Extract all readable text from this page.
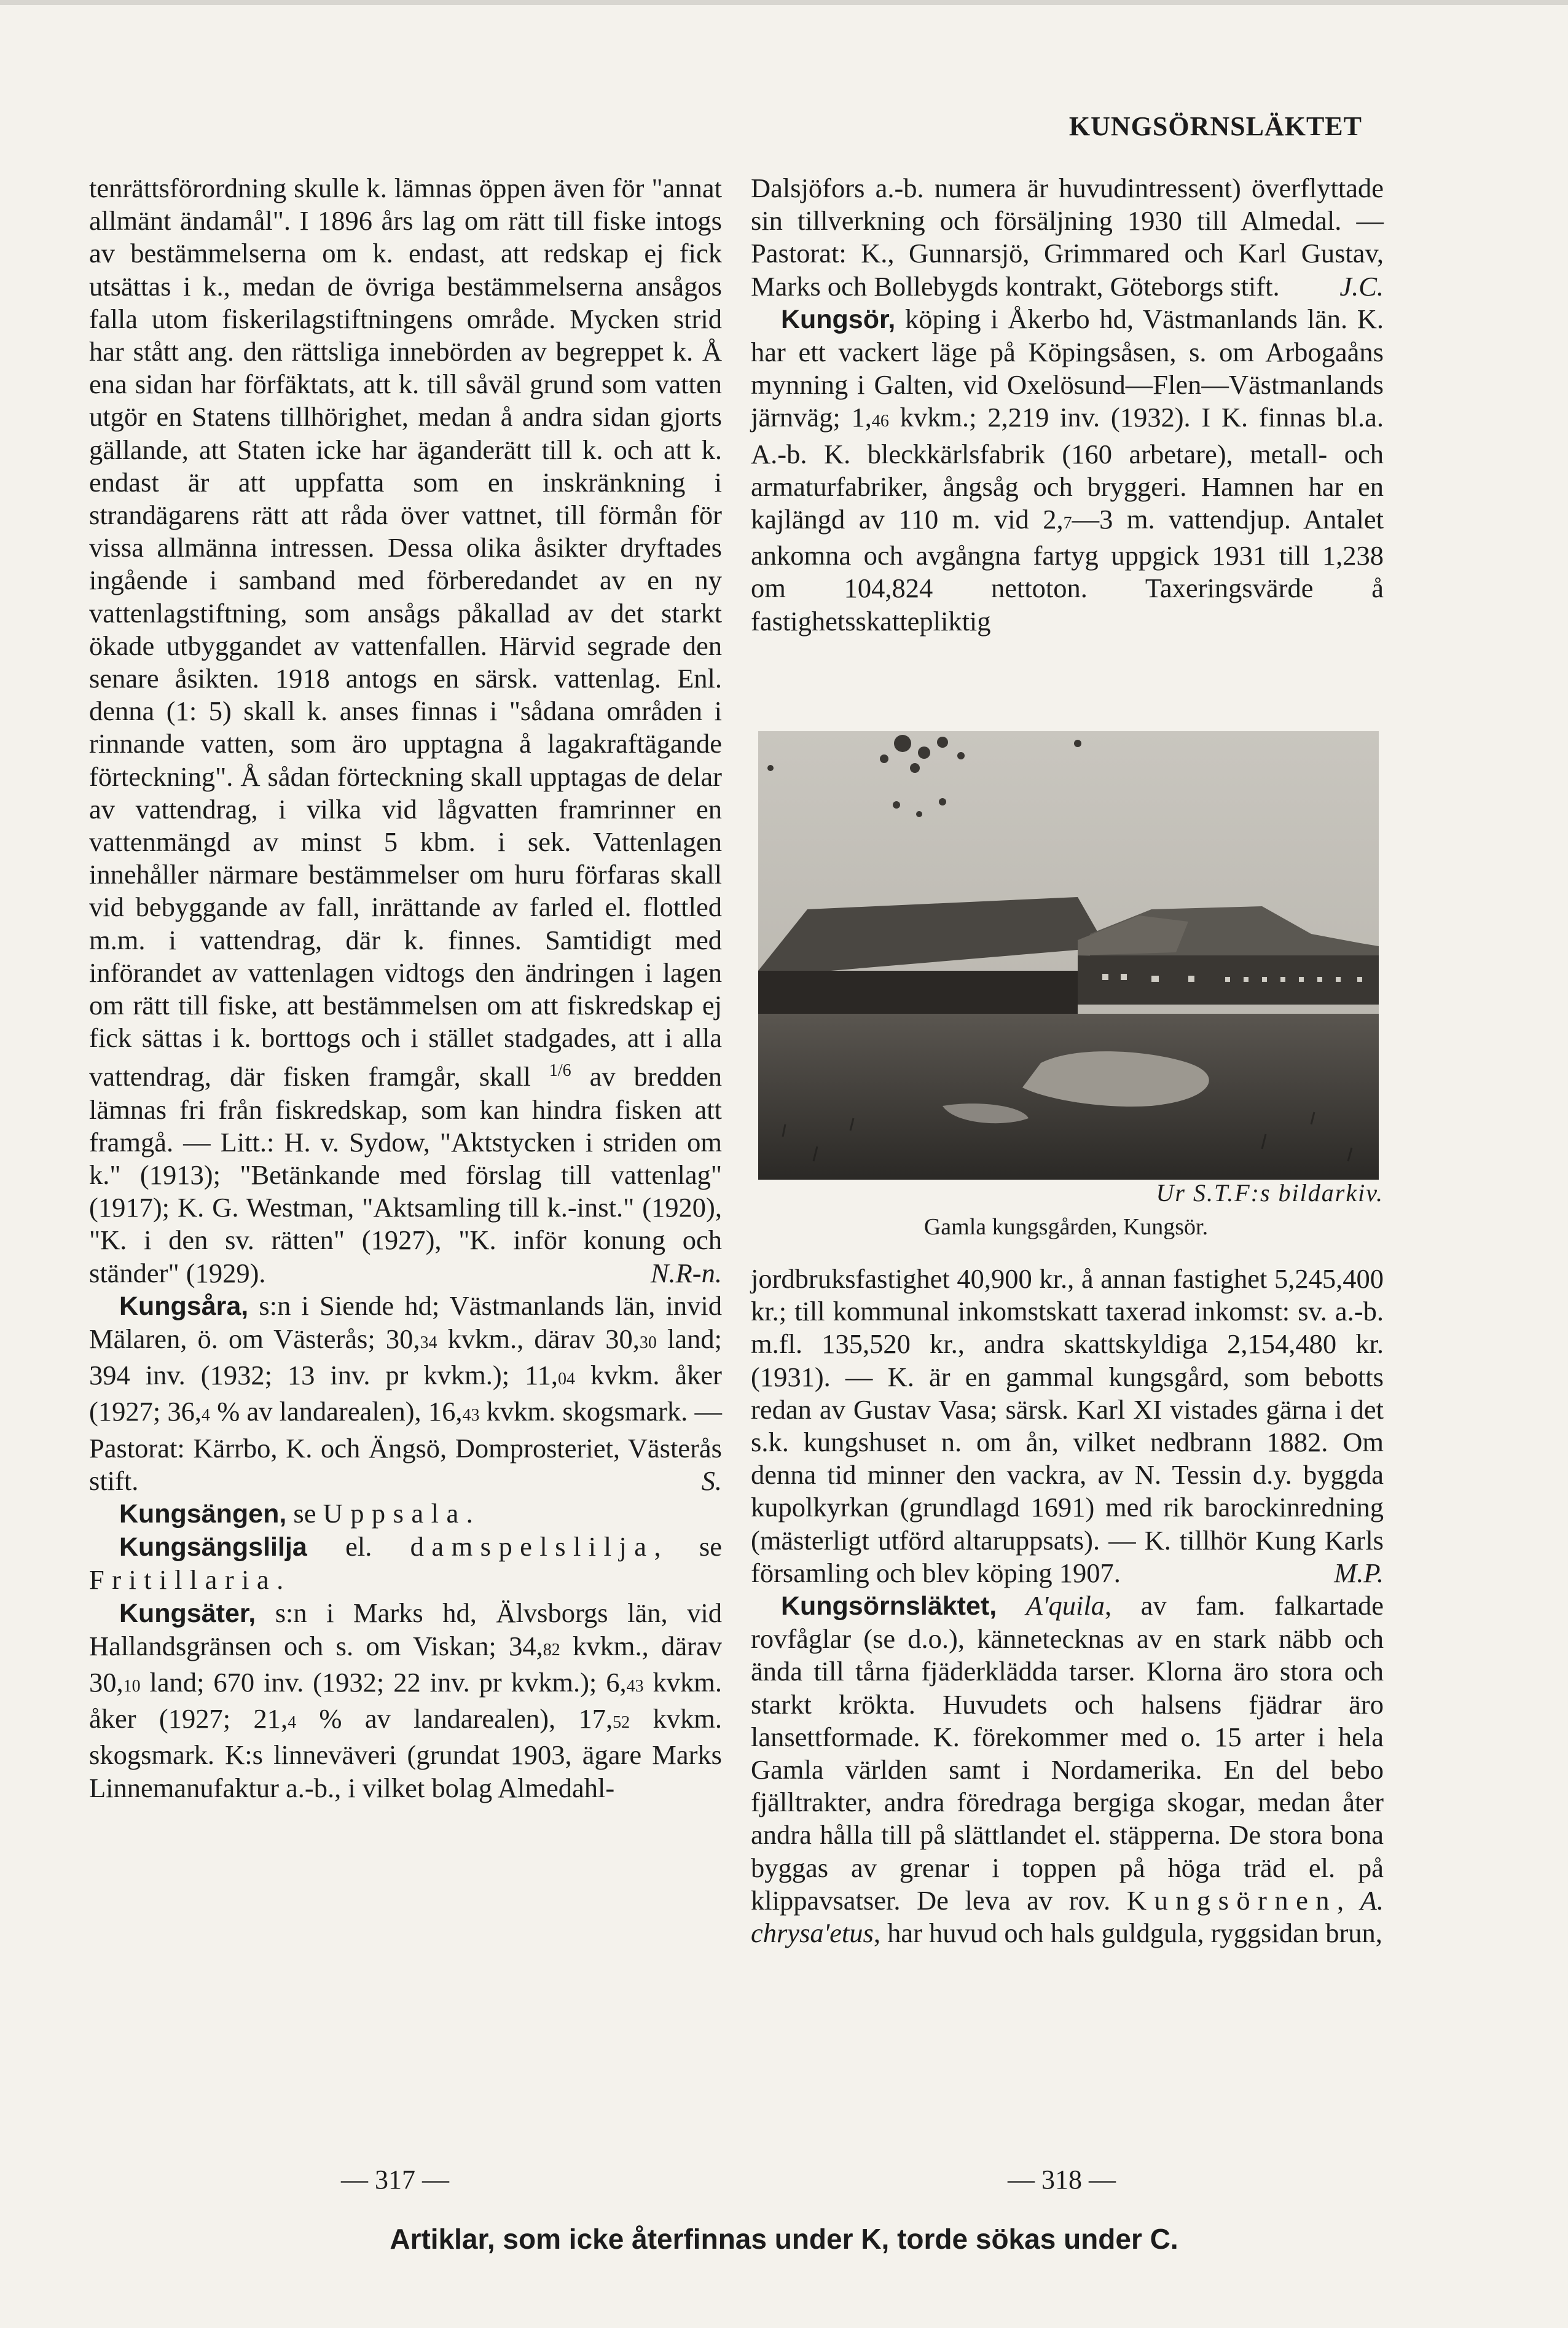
KUNGSÖRNSLÄKTET

tenrättsförordning skulle k. lämnas öppen även för "annat allmänt ändamål". I 1896 års lag om rätt till fiske intogs av bestämmelserna om k. endast, att redskap ej fick utsättas i k., medan de övriga bestämmelserna ansågos falla utom fiskerilagstiftningens område. Mycken strid har stått ang. den rättsliga innebörden av begreppet k. Å ena sidan har förfäktats, att k. till såväl grund som vatten utgör en Statens tillhörighet, medan å andra sidan gjorts gällande, att Staten icke har äganderätt till k. och att k. endast är att uppfatta som en inskränkning i strandägarens rätt att råda över vattnet, till förmån för vissa allmänna intressen. Dessa olika åsikter dryftades ingående i samband med förberedandet av en ny vattenlagstiftning, som ansågs påkallad av det starkt ökade utbyggandet av vattenfallen. Härvid segrade den senare åsikten. 1918 antogs en särsk. vattenlag. Enl. denna (1: 5) skall k. anses finnas i "sådana områden i rinnande vatten, som äro upptagna å lagakraftägande förteckning". Å sådan förteckning skall upptagas de delar av vattendrag, i vilka vid lågvatten framrinner en vattenmängd av minst 5 kbm. i sek. Vattenlagen innehåller närmare bestämmelser om huru förfaras skall vid bebyggande av fall, inrättande av farled el. flottled m.m. i vattendrag, där k. finnes. Samtidigt med införandet av vattenlagen vidtogs den ändringen i lagen om rätt till fiske, att bestämmelsen om att fiskredskap ej fick sättas i k. borttogs och i stället stadgades, att i alla vattendrag, där fisken framgår, skall $^{1/6}$ av bredden lämnas fri från fiskredskap, som kan hindra fisken att framgå. — Litt.: H. v. Sydow, "Aktstycken i striden om k." (1913); "Betänkande med förslag till vattenlag" (1917); K. G. Westman, "Aktsamling till k.-inst." (1920), "K. i den sv. rätten" (1927), "K. inför konung och ständer" (1929).	N.R-n.

Kungsåra, s:n i Siende hd; Västmanlands län, invid Mälaren, ö. om Västerås; 30,34 kvkm., därav 30,30 land; 394 inv. (1932; 13 inv. pr kvkm.); 11,04 kvkm. åker (1927; 36,4 % av landarealen), 16,43 kvkm. skogsmark. — Pastorat: Kärrbo, K. och Ängsö, Domprosteriet, Västerås stift.	S.

Kungsängen, se Uppsala.

Kungsängslilja el. damspelslilja, se Fritillaria.

Kungsäter, s:n i Marks hd, Älvsborgs län, vid Hallandsgränsen och s. om Viskan; 34,82 kvkm., därav 30,10 land; 670 inv. (1932; 22 inv. pr kvkm.); 6,43 kvkm. åker (1927; 21,4 % av landarealen), 17,52 kvkm. skogsmark. K:s linneväveri (grundat 1903, ägare Marks Linnemanufaktur a.-b., i vilket bolag Almedahl-

Dalsjöfors a.-b. numera är huvudintressent) överflyttade sin tillverkning och försäljning 1930 till Almedal. — Pastorat: K., Gunnarsjö, Grimmared och Karl Gustav, Marks och Bollebygds kontrakt, Göteborgs stift.	J.C.

Kungsör, köping i Åkerbo hd, Västmanlands län. K. har ett vackert läge på Köpingsåsen, s. om Arbogaåns mynning i Galten, vid Oxelösund—Flen—Västmanlands järnväg; 1,46 kvkm.; 2,219 inv. (1932). I K. finnas bl.a. A.-b. K. bleckkärlsfabrik (160 arbetare), metall- och armaturfabriker, ångsåg och bryggeri. Hamnen har en kajlängd av 110 m. vid 2,7—3 m. vattendjup. Antalet ankomna och avgångna fartyg uppgick 1931 till 1,238 om 104,824 nettoton. Taxeringsvärde å fastighetsskattepliktig

Ur S.T.F:s bildarkiv.
Gamla kungsgården, Kungsör.

jordbruksfastighet 40,900 kr., å annan fastighet 5,245,400 kr.; till kommunal inkomstskatt taxerad inkomst: sv. a.-b. m.fl. 135,520 kr., andra skattskyldiga 2,154,480 kr. (1931). — K. är en gammal kungsgård, som bebotts redan av Gustav Vasa; särsk. Karl XI vistades gärna i det s.k. kungshuset n. om ån, vilket nedbrann 1882. Om denna tid minner den vackra, av N. Tessin d.y. byggda kupolkyrkan (grundlagd 1691) med rik barockinredning (mästerligt utförd altaruppsats). — K. tillhör Kung Karls församling och blev köping 1907.	M.P.

Kungsörnsläktet, A'quila, av fam. falkartade rovfåglar (se d.o.), kännetecknas av en stark näbb och ända till tårna fjäderklädda tarser. Klorna äro stora och starkt krökta. Huvudets och halsens fjädrar äro lansettformade. K. förekommer med o. 15 arter i hela Gamla världen samt i Nordamerika. En del bebo fjälltrakter, andra föredraga bergiga skogar, medan åter andra hålla till på slättlandet el. stäpperna. De stora bona byggas av grenar i toppen på höga träd el. på klippavsatser. De leva av rov. Kungsörnen, A. chrysa'etus, har huvud och hals guldgula, ryggsidan brun,

— 317 —	— 318 —
Artiklar, som icke återfinnas under K, torde sökas under C.
